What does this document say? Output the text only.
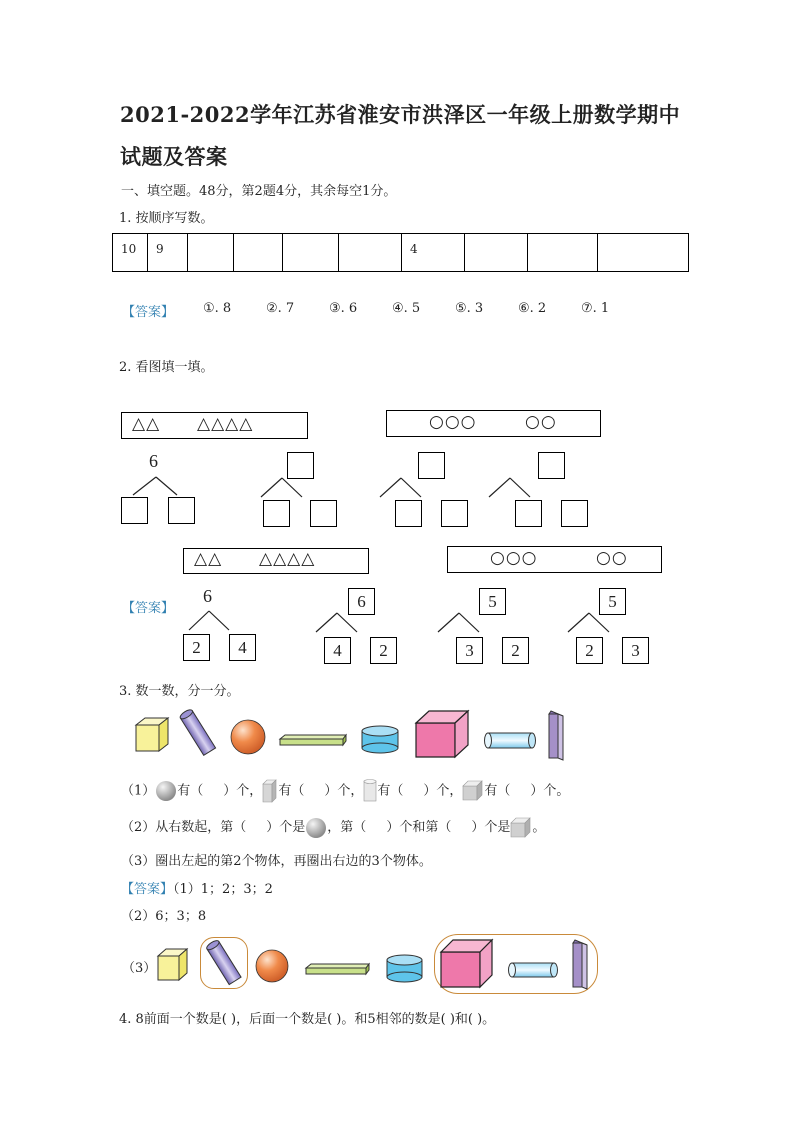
2021-2022学年江苏省淮安市洪泽区一年级上册数学期中试题及答案
一、填空题。48分，第2题4分，其余每空1分。
1. 按顺序写数。
10	9					4			
【答案】 ①. 8	②. 7	③. 6	④. 5	⑤. 3	⑥. 2	⑦. 1
2. 看图填一填。
△△ △△△△	○○○	○○
6
△△ △△△△	○○○	○○
【答案】
6
2	4
6
4	2
5
3	2
5
2	3
3. 数一数，分一分。
（1） 有（ ）个， 有（ ）个， 有（ ）个， 有（ ）个。
（2）从右数起，第（ ）个是 ，第（ ）个和第（ ）个是 。
（3）圈出左起的第2个物体，再圈出右边的3个物体。
【答案】（1）1；2；3；2
（2）6；3；8
（3）
4. 8前面一个数是( )，后面一个数是( )。和5相邻的数是( )和( )。
